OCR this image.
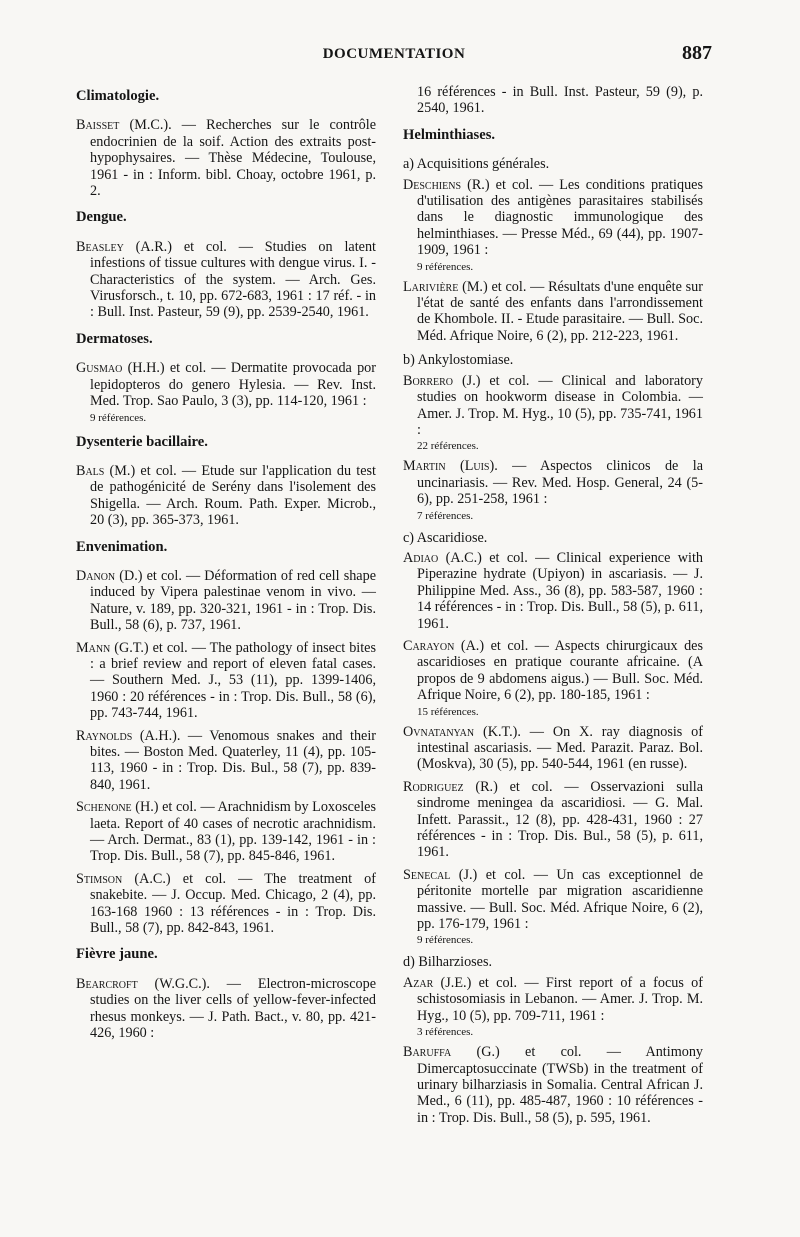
DOCUMENTATION	887
Climatologie.

Baisset (M.C.). — Recherches sur le contrôle endocrinien de la soif. Action des extraits post-hypophysaires. — Thèse Médecine, Toulouse, 1961 - in : Inform. bibl. Choay, octobre 1961, p. 2.

Dengue.

Beasley (A.R.) et col. — Studies on latent infestions of tissue cultures with dengue virus. I. - Characteristics of the system. — Arch. Ges. Virusforsch., t. 10, pp. 672-683, 1961 : 17 réf. - in : Bull. Inst. Pasteur, 59 (9), pp. 2539-2540, 1961.

Dermatoses.

Gusmao (H.H.) et col. — Dermatite provocada por lepidopteros do genero Hylesia. — Rev. Inst. Med. Trop. Sao Paulo, 3 (3), pp. 114-120, 1961 :

9 références.
Dysenterie bacillaire.

Bals (M.) et col. — Etude sur l'application du test de pathogénicité de Serény dans l'isolement des Shigella. — Arch. Roum. Path. Exper. Microb., 20 (3), pp. 365-373, 1961.

Envenimation.

Danon (D.) et col. — Déformation of red cell shape induced by Vipera palestinae venom in vivo. — Nature, v. 189, pp. 320-321, 1961 - in : Trop. Dis. Bull., 58 (6), p. 737, 1961.

Mann (G.T.) et col. — The pathology of insect bites : a brief review and report of eleven fatal cases. — Southern Med. J., 53 (11), pp. 1399-1406, 1960 : 20 références - in : Trop. Dis. Bull., 58 (6), pp. 743-744, 1961.

Raynolds (A.H.). — Venomous snakes and their bites. — Boston Med. Quaterley, 11 (4), pp. 105-113, 1960 - in : Trop. Dis. Bul., 58 (7), pp. 839-840, 1961.

Schenone (H.) et col. — Arachnidism by Loxosceles laeta. Report of 40 cases of necrotic arachnidism. — Arch. Dermat., 83 (1), pp. 139-142, 1961 - in : Trop. Dis. Bull., 58 (7), pp. 845-846, 1961.

Stimson (A.C.) et col. — The treatment of snakebite. — J. Occup. Med. Chicago, 2 (4), pp. 163-168 1960 : 13 références - in : Trop. Dis. Bull., 58 (7), pp. 842-843, 1961.

Fièvre jaune.

Bearcroft (W.G.C.). — Electron-microscope studies on the liver cells of yellow-fever-infected rhesus monkeys. — J. Path. Bact., v. 80, pp. 421-426, 1960 :

16 références - in Bull. Inst. Pasteur, 59 (9), p. 2540, 1961.

Helminthiases.
a) Acquisitions générales.

Deschiens (R.) et col. — Les conditions pratiques d'utilisation des antigènes parasitaires stabilisés dans le diagnostic immunologique des helminthiases. — Presse Méd., 69 (44), pp. 1907-1909, 1961 :

9 références.

Larivière (M.) et col. — Résultats d'une enquête sur l'état de santé des enfants dans l'arrondissement de Khombole. II. - Etude parasitaire. — Bull. Soc. Méd. Afrique Noire, 6 (2), pp. 212-223, 1961.

b) Ankylostomiase.

Borrero (J.) et col. — Clinical and laboratory studies on hookworm disease in Colombia. — Amer. J. Trop. M. Hyg., 10 (5), pp. 735-741, 1961 :

22 références.

Martin (Luis). — Aspectos clinicos de la uncinariasis. — Rev. Med. Hosp. General, 24 (5-6), pp. 251-258, 1961 :

7 références.
c) Ascaridiose.

Adiao (A.C.) et col. — Clinical experience with Piperazine hydrate (Upiyon) in ascariasis. — J. Philippine Med. Ass., 36 (8), pp. 583-587, 1960 : 14 références - in : Trop. Dis. Bull., 58 (5), p. 611, 1961.

Carayon (A.) et col. — Aspects chirurgicaux des ascaridioses en pratique courante africaine. (A propos de 9 abdomens aigus.) — Bull. Soc. Méd. Afrique Noire, 6 (2), pp. 180-185, 1961 :

15 références.

Ovnatanyan (K.T.). — On X. ray diagnosis of intestinal ascariasis. — Med. Parazit. Paraz. Bol. (Moskva), 30 (5), pp. 540-544, 1961 (en russe).

Rodriguez (R.) et col. — Osservazioni sulla sindrome meningea da ascaridiosi. — G. Mal. Infett. Parassit., 12 (8), pp. 428-431, 1960 : 27 références - in : Trop. Dis. Bul., 58 (5), p. 611, 1961.

Senecal (J.) et col. — Un cas exceptionnel de péritonite mortelle par migration ascaridienne massive. — Bull. Soc. Méd. Afrique Noire, 6 (2), pp. 176-179, 1961 :

9 références.
d) Bilharzioses.

Azar (J.E.) et col. — First report of a focus of schistosomiasis in Lebanon. — Amer. J. Trop. M. Hyg., 10 (5), pp. 709-711, 1961 :

3 références.

Baruffa (G.) et col. — Antimony Dimercaptosuccinate (TWSb) in the treatment of urinary bilharziasis in Somalia. Central African J. Med., 6 (11), pp. 485-487, 1960 : 10 références - in : Trop. Dis. Bull., 58 (5), p. 595, 1961.
